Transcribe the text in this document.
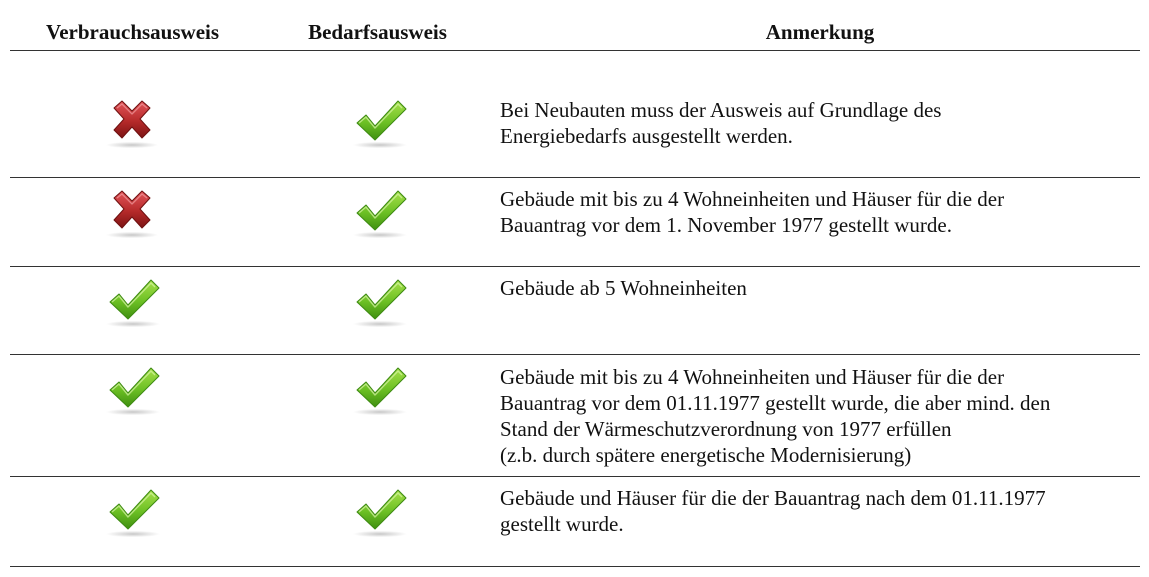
Verbrauchsausweis	Bedarfsausweis	Anmerkung
Bei Neubauten muss der Ausweis auf Grundlage des
Energiebedarfs ausgestellt werden.
Gebäude mit bis zu 4 Wohneinheiten und Häuser für die der
Bauantrag vor dem 1. November 1977 gestellt wurde.
Gebäude ab 5 Wohneinheiten
Gebäude mit bis zu 4 Wohneinheiten und Häuser für die der
Bauantrag vor dem 01.11.1977 gestellt wurde, die aber mind. den
Stand der Wärmeschutzverordnung von 1977 erfüllen
(z.b. durch spätere energetische Modernisierung)
Gebäude und Häuser für die der Bauantrag nach dem 01.11.1977
gestellt wurde.
